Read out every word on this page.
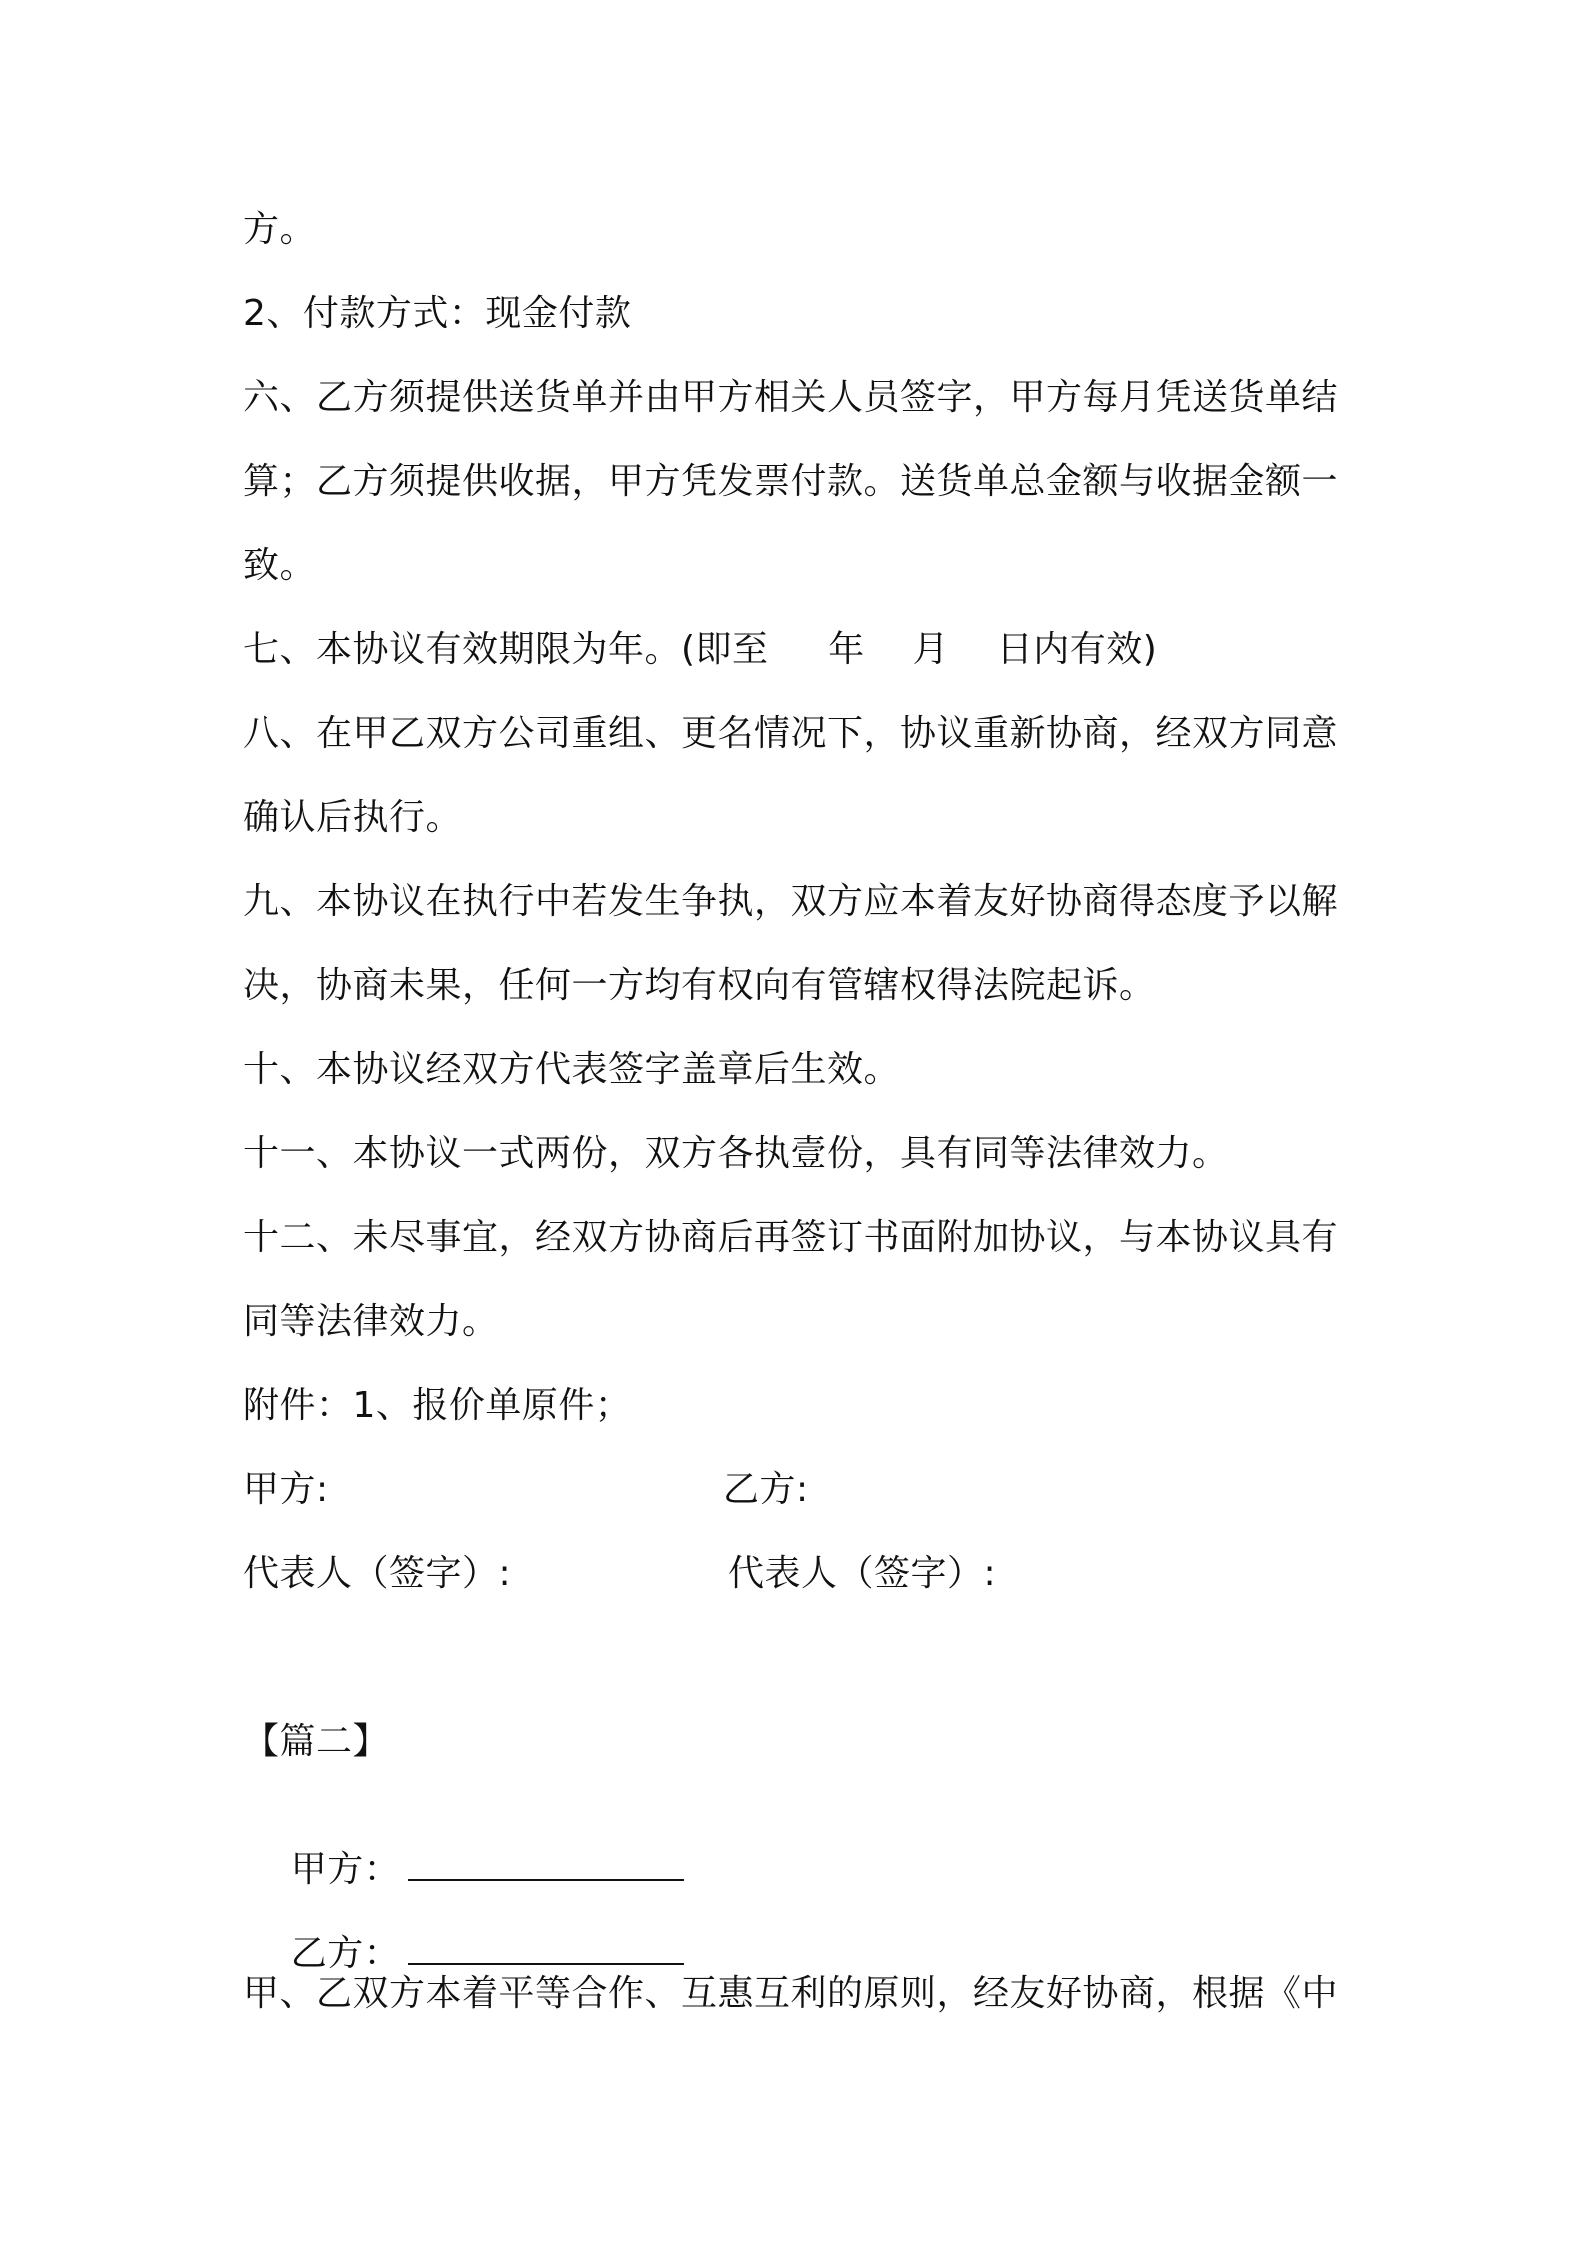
方。
2、付款方式：现金付款
六、乙方须提供送货单并由甲方相关人员签字，甲方每月凭送货单结
算；乙方须提供收据，甲方凭发票付款。送货单总金额与收据金额一
致。
七、本协议有效期限为年。(即至     年    月    日内有效)
八、在甲乙双方公司重组、更名情况下，协议重新协商，经双方同意
确认后执行。
九、本协议在执行中若发生争执，双方应本着友好协商得态度予以解
决，协商未果，任何一方均有权向有管辖权得法院起诉。
十、本协议经双方代表签字盖章后生效。
十一、本协议一式两份，双方各执壹份，具有同等法律效力。
十二、未尽事宜，经双方协商后再签订书面附加协议，与本协议具有
同等法律效力。
附件：1、报价单原件；
甲方:	乙方:
代表人（签字）:	代表人（签字）:
【篇二】

甲方：

乙方：

甲、乙双方本着平等合作、互惠互利的原则，经友好协商，根据《中
